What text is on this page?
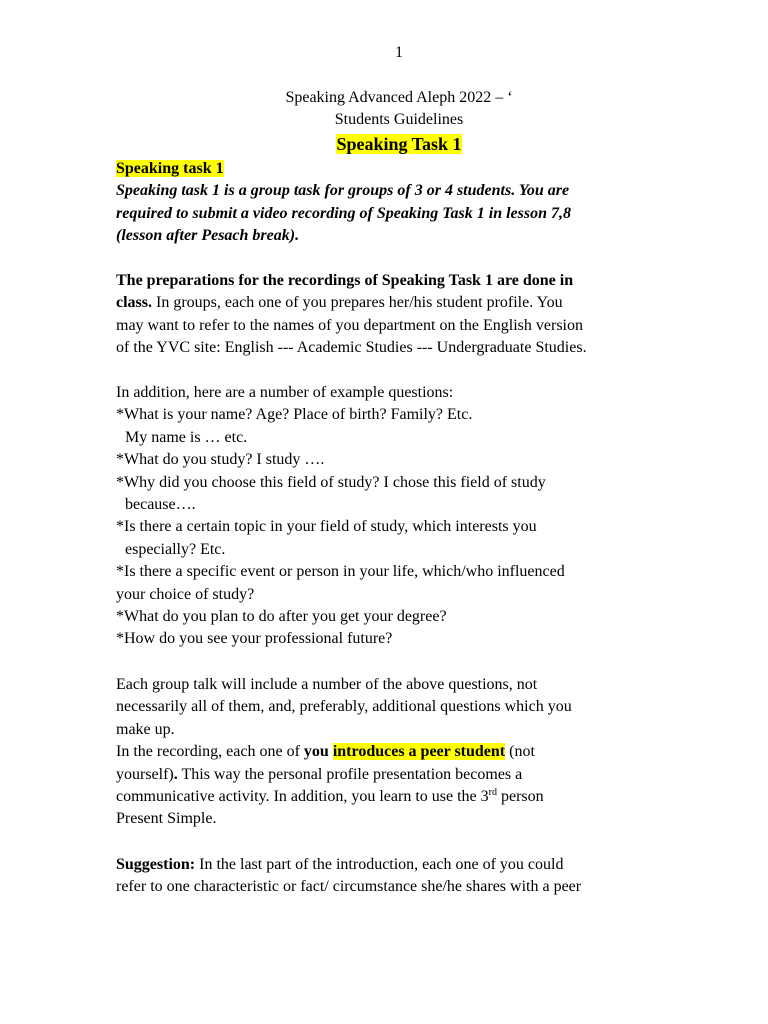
1
Speaking Advanced Aleph 2022 – ‘
Students Guidelines
Speaking Task 1

Speaking task 1

Speaking task 1 is a group task for groups of 3 or 4 students. You are

required to submit a video recording of Speaking Task 1 in lesson 7,8

(lesson after Pesach break).

The preparations for the recordings of Speaking Task 1 are done in

class. In groups, each one of you prepares her/his student profile. You

may want to refer to the names of you department on the English version

of the YVC site: English --- Academic Studies --- Undergraduate Studies.

In addition, here are a number of example questions:

*What is your name? Age? Place of birth? Family? Etc.

My name is … etc.

*What do you study? I study ….

*Why did you choose this field of study? I chose this field of study

because….

*Is there a certain topic in your field of study, which interests you

especially? Etc.

*Is there a specific event or person in your life, which/who influenced

your choice of study?

*What do you plan to do after you get your degree?

*How do you see your professional future?

Each group talk will include a number of the above questions, not

necessarily all of them, and, preferably, additional questions which you

make up.

In the recording, each one of you introduces a peer student (not

yourself). This way the personal profile presentation becomes a

communicative activity. In addition, you learn to use the 3rd person

Present Simple.

Suggestion: In the last part of the introduction, each one of you could

refer to one characteristic or fact/ circumstance she/he shares with a peer
